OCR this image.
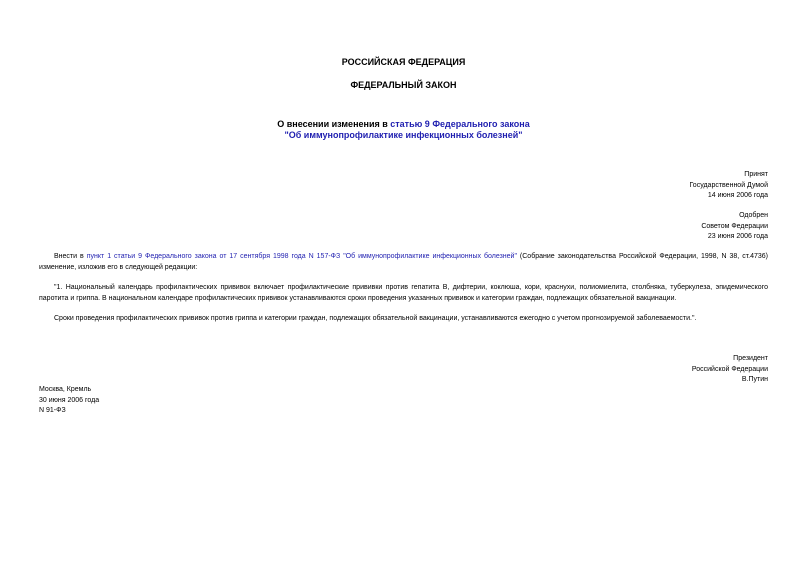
РОССИЙСКАЯ ФЕДЕРАЦИЯ
ФЕДЕРАЛЬНЫЙ ЗАКОН
О внесении изменения в статью 9 Федерального закона
"Об иммунопрофилактике инфекционных болезней"
Принят
Государственной Думой
14 июня 2006 года
Одобрен
Советом Федерации
23 июня 2006 года
Внести в пункт 1 статьи 9 Федерального закона от 17 сентября 1998 года N 157-ФЗ "Об иммунопрофилактике инфекционных болезней" (Собрание законодательства Российской Федерации, 1998, N 38, ст.4736) изменение, изложив его в следующей редакции:
"1. Национальный календарь профилактических прививок включает профилактические прививки против гепатита B, дифтерии, коклюша, кори, краснухи, полиомиелита, столбняка, туберкулеза, эпидемического паротита и гриппа. В национальном календаре профилактических прививок устанавливаются сроки проведения указанных прививок и категории граждан, подлежащих обязательной вакцинации.
Сроки проведения профилактических прививок против гриппа и категории граждан, подлежащих обязательной вакцинации, устанавливаются ежегодно с учетом прогнозируемой заболеваемости.".
Президент
Российской Федерации
В.Путин
Москва, Кремль
30 июня 2006 года
N 91-ФЗ
